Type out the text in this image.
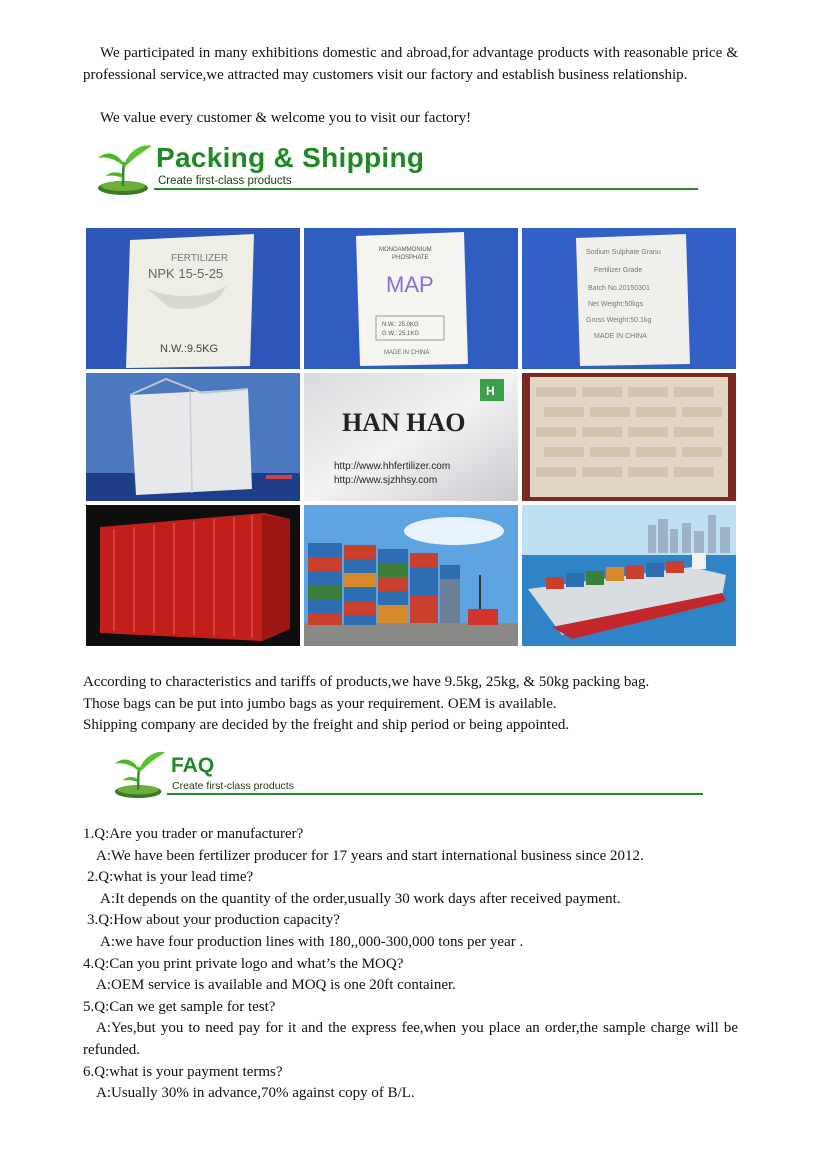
We participated in many exhibitions domestic and abroad,for advantage products with reasonable price & professional service,we attracted may customers visit our factory and establish business relationship.

We value every customer & welcome you to visit our factory!

Packing & Shipping
Create first-class products
FERTILIZER
NPK 15-5-25
N.W.:9.5KG
MONOAMMONIUM
PHOSPHATE
MAP
N.W.: 25.0KG
G.W.: 25.1KG
MADE IN CHINA
Sodium Sulphate Granu
Fertilizer Grade
Batch No.20150301
Net Weight:50kgs
Gross Weight:50.1kg
MADE IN CHINA
H
HAN HAO
http://www.hhfertilizer.com
http://www.sjzhhsy.com

According to characteristics and tariffs of products,we have 9.5kg, 25kg, & 50kg packing bag.

Those bags can be put into jumbo bags as your requirement. OEM is available.

Shipping company are decided by the freight and ship period or being appointed.

FAQ
Create first-class products

1.Q:Are you trader or manufacturer?

A:We have been fertilizer producer for 17 years and start international business since 2012.

2.Q:what is your lead time?

A:It depends on the quantity of the order,usually 30 work days after received payment.

3.Q:How about your production capacity?

A:we have four production lines with 180,,000-300,000 tons per year .

4.Q:Can you print private logo and what’s the MOQ?

A:OEM service is available and MOQ is one 20ft container.

5.Q:Can we get sample for test?

A:Yes,but you to need pay for it and the express fee,when you place an order,the sample charge will be refunded.

6.Q:what is your payment terms?

A:Usually 30% in advance,70% against copy of B/L.
